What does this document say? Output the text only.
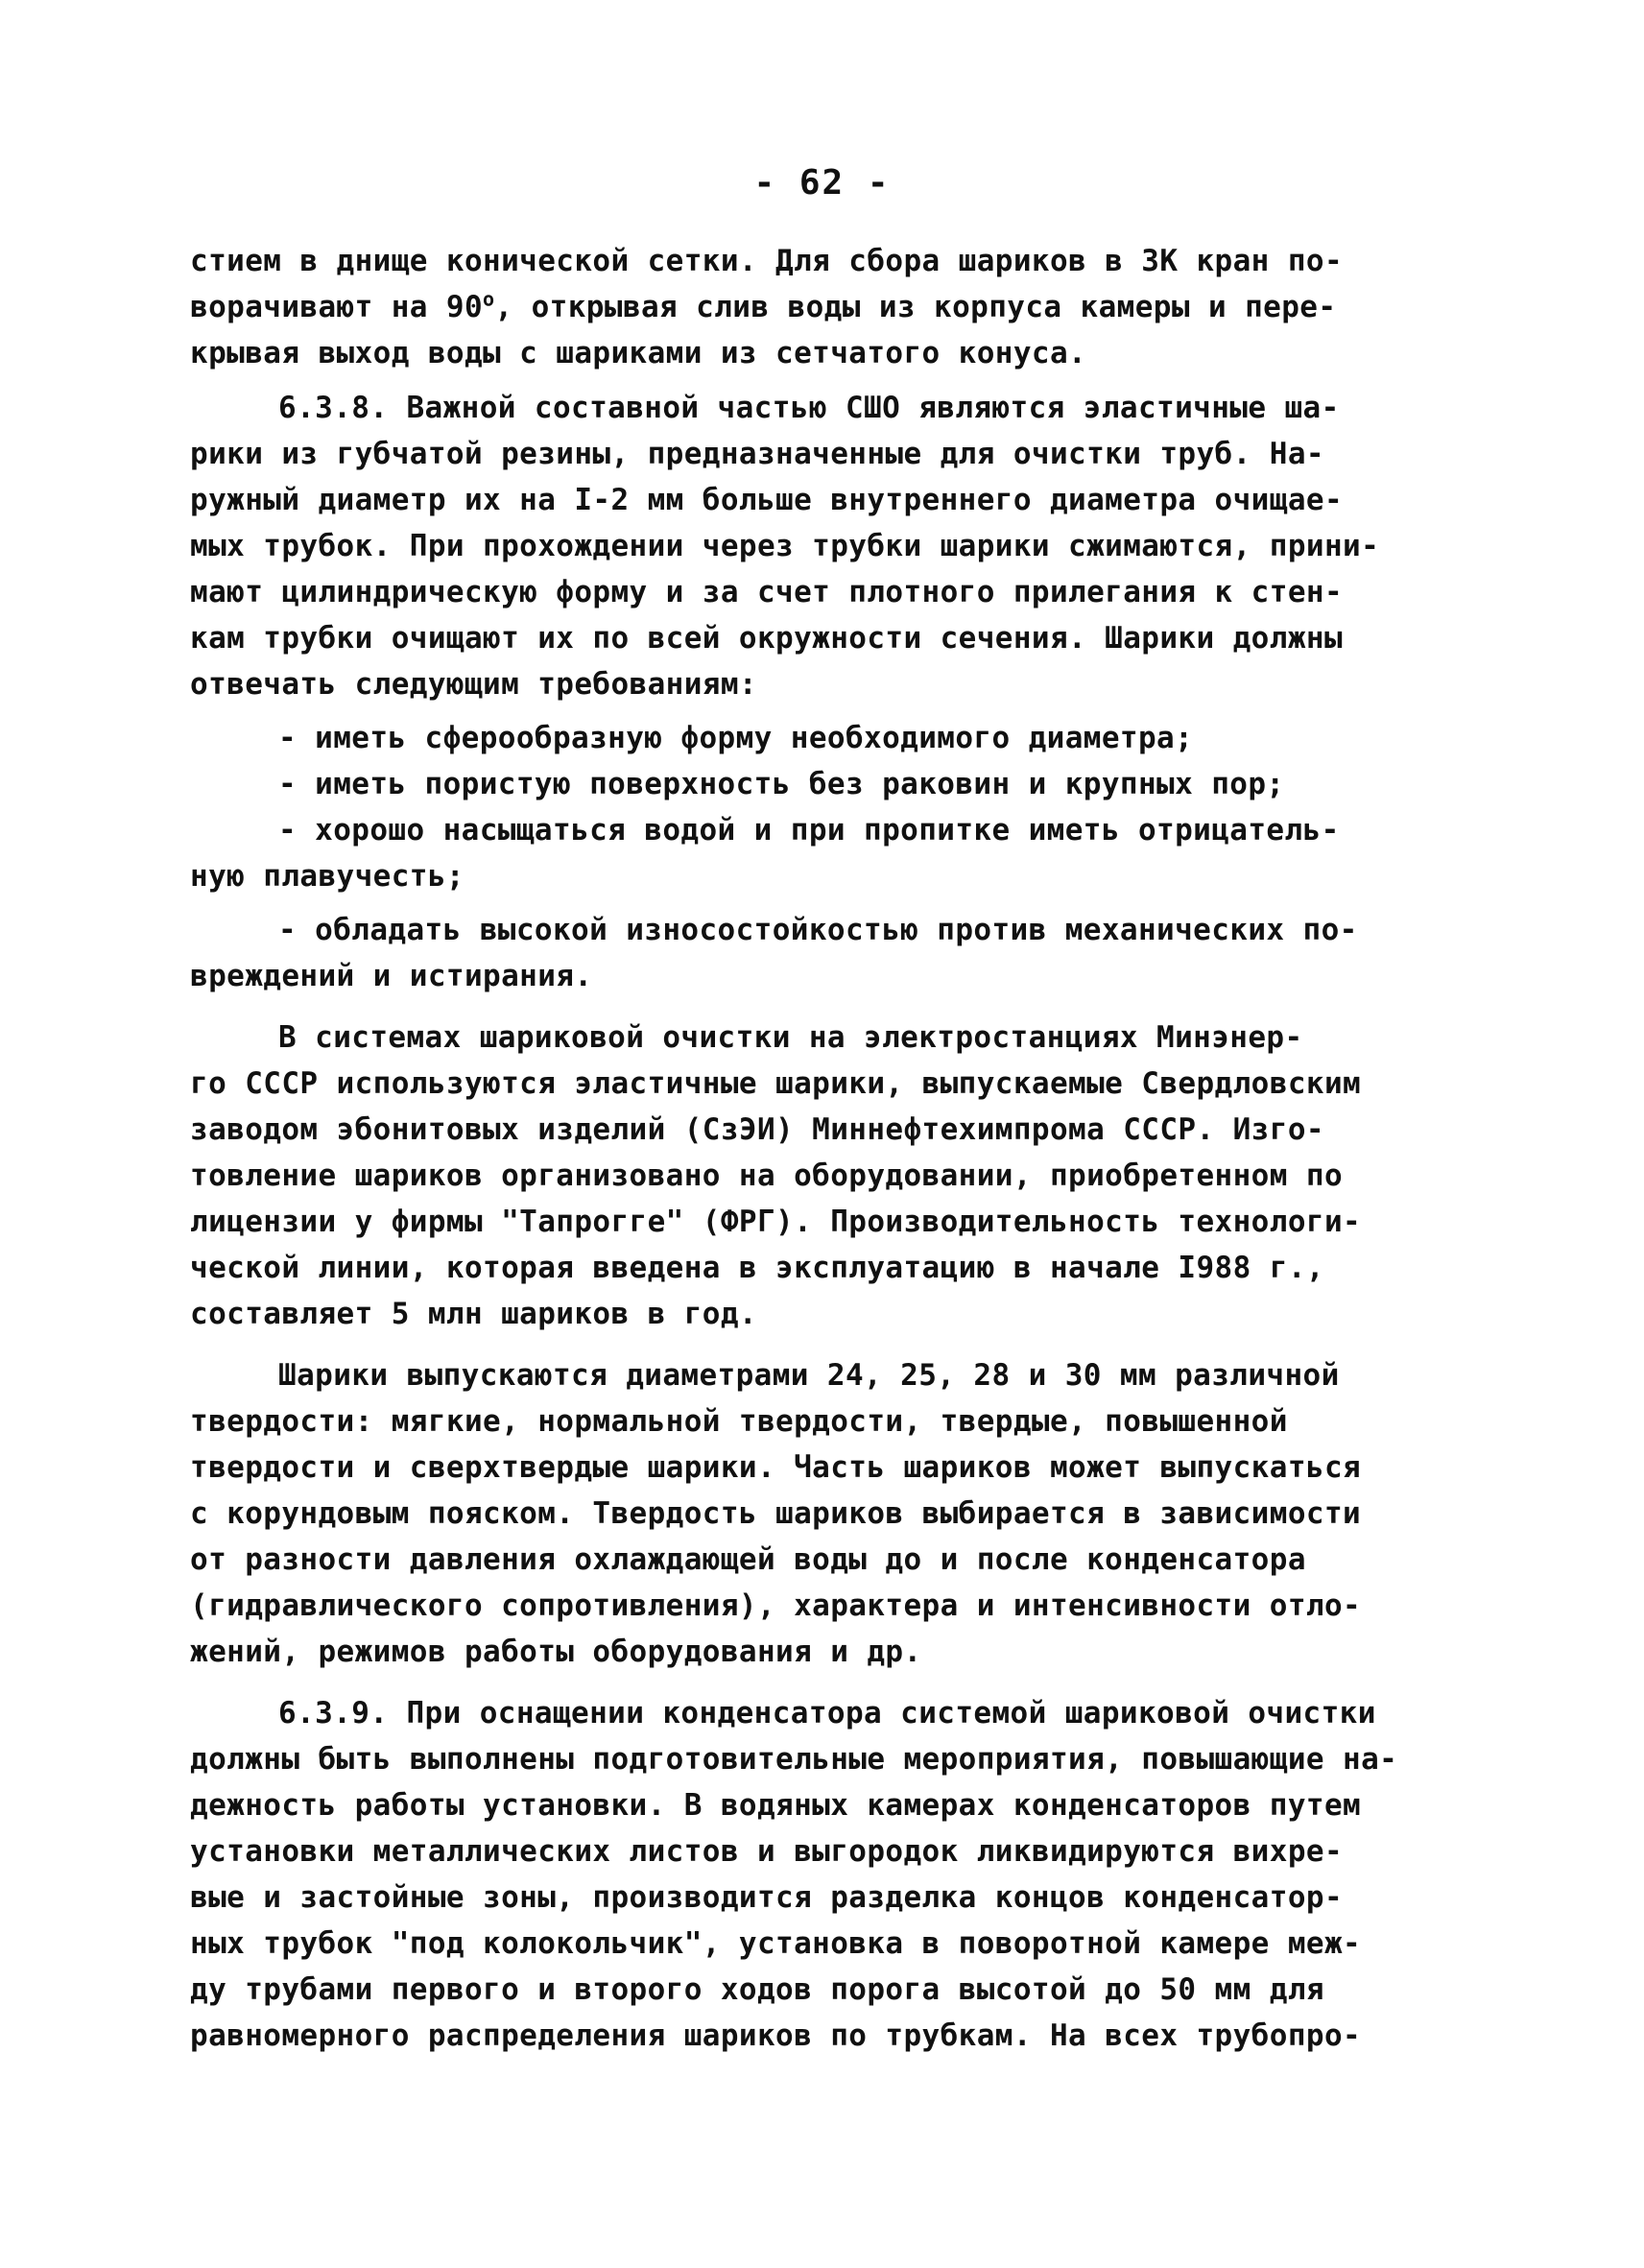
- 62 -
стием в днище конической сетки. Для сбора шариков в ЗК кран по-
ворачивают на 90$^o$, открывая слив воды из корпуса камеры и пере-
крывая выход воды с шариками из сетчатого конуса.
6.3.8. Важной составной частью СШО являются эластичные ша-
рики из губчатой резины, предназначенные для очистки труб. На-
ружный диаметр их на I-2 мм больше внутреннего диаметра очищае-
мых трубок. При прохождении через трубки шарики сжимаются, прини-
мают цилиндрическую форму и за счет плотного прилегания к стен-
кам трубки очищают их по всей окружности сечения. Шарики должны
отвечать следующим требованиям:
- иметь сферообразную форму необходимого диаметра;
- иметь пористую поверхность без раковин и крупных пор;
- хорошо насыщаться водой и при пропитке иметь отрицатель-
ную плавучесть;
- обладать высокой износостойкостью против механических по-
вреждений и истирания.
В системах шариковой очистки на электростанциях Минэнер-
го СССР используются эластичные шарики, выпускаемые Свердловским
заводом эбонитовых изделий (СзЭИ) Миннефтехимпрома СССР. Изго-
товление шариков организовано на оборудовании, приобретенном по
лицензии у фирмы "Тапрогге" (ФРГ). Производительность технологи-
ческой линии, которая введена в эксплуатацию в начале I988 г.,
составляет 5 млн шариков в год.
Шарики выпускаются диаметрами 24, 25, 28 и 30 мм различной
твердости: мягкие, нормальной твердости, твердые, повышенной
твердости и сверхтвердые шарики. Часть шариков может выпускаться
с корундовым пояском. Твердость шариков выбирается в зависимости
от разности давления охлаждающей воды до и после конденсатора
(гидравлического сопротивления), характера и интенсивности отло-
жений, режимов работы оборудования и др.
6.3.9. При оснащении конденсатора системой шариковой очистки
должны быть выполнены подготовительные мероприятия, повышающие на-
дежность работы установки. В водяных камерах конденсаторов путем
установки металлических листов и выгородок ликвидируются вихре-
вые и застойные зоны, производится разделка концов конденсатор-
ных трубок "под колокольчик", установка в поворотной камере меж-
ду трубами первого и второго ходов порога высотой до 50 мм для
равномерного распределения шариков по трубкам. На всех трубопро-
